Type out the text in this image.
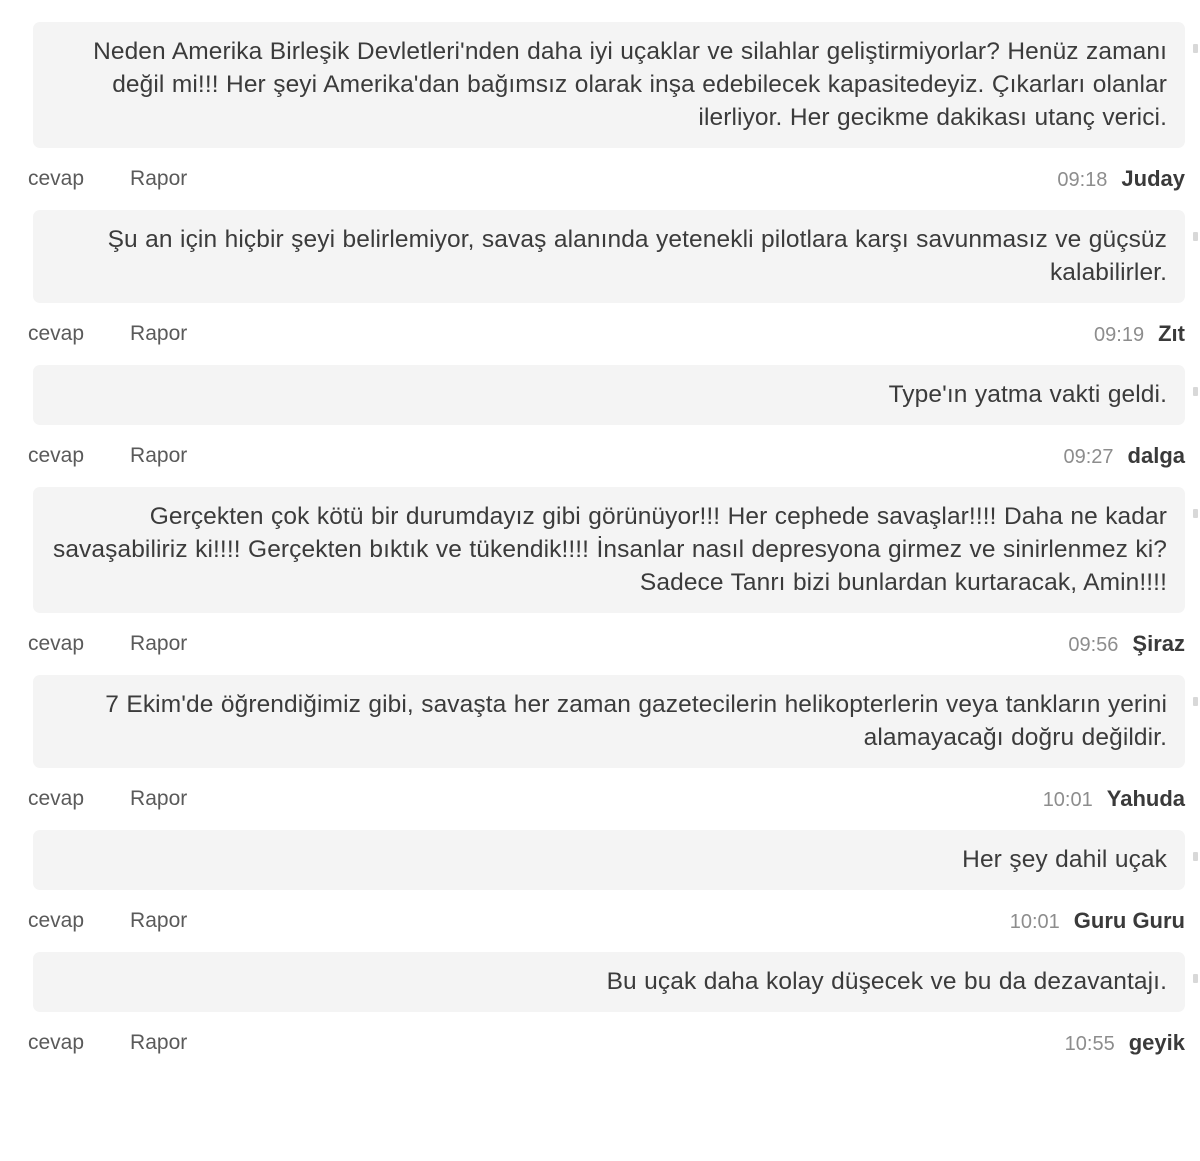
Neden Amerika Birleşik Devletleri'nden daha iyi uçaklar ve silahlar geliştirmiyorlar? Henüz zamanı değil mi!!! Her şeyi Amerika'dan bağımsız olarak inşa edebilecek kapasitedeyiz. Çıkarları olanlar ilerliyor. Her gecikme dakikası utanç verici.
cevap Rapor	09:18 Juday
Şu an için hiçbir şeyi belirlemiyor, savaş alanında yetenekli pilotlara karşı savunmasız ve güçsüz kalabilirler.
cevap Rapor	09:19 Zıt
Type'ın yatma vakti geldi.
cevap Rapor	09:27 dalga
Gerçekten çok kötü bir durumdayız gibi görünüyor!!! Her cephede savaşlar!!!! Daha ne kadar savaşabiliriz ki!!!! Gerçekten bıktık ve tükendik!!!! İnsanlar nasıl depresyona girmez ve sinirlenmez ki? Sadece Tanrı bizi bunlardan kurtaracak, Amin!!!!
cevap Rapor	09:56 Şiraz
7 Ekim'de öğrendiğimiz gibi, savaşta her zaman gazetecilerin helikopterlerin veya tankların yerini alamayacağı doğru değildir.
cevap Rapor	10:01 Yahuda
Her şey dahil uçak
cevap Rapor	10:01 Guru Guru
Bu uçak daha kolay düşecek ve bu da dezavantajı.
cevap Rapor	10:55 geyik
